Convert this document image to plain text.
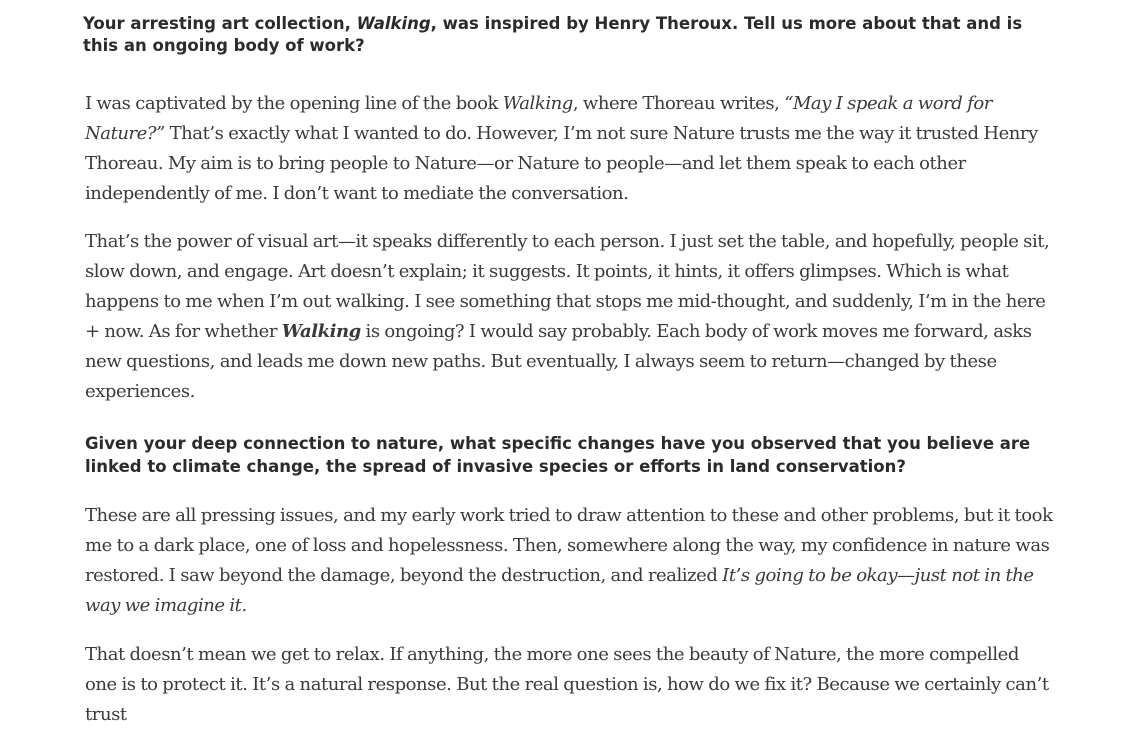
Your arresting art collection, Walking, was inspired by Henry Theroux. Tell us more about that and is this an ongoing body of work?

I was captivated by the opening line of the book Walking, where Thoreau writes, “May I speak a word for Nature?” That’s exactly what I wanted to do. However, I’m not sure Nature trusts me the way it trusted Henry Thoreau. My aim is to bring people to Nature—or Nature to people—and let them speak to each other independently of me. I don’t want to mediate the conversation.

That’s the power of visual art—it speaks differently to each person. I just set the table, and hopefully, people sit, slow down, and engage. Art doesn’t explain; it suggests. It points, it hints, it offers glimpses. Which is what happens to me when I’m out walking. I see something that stops me mid-thought, and suddenly, I’m in the here + now. As for whether Walking is ongoing? I would say probably. Each body of work moves me forward, asks new questions, and leads me down new paths. But eventually, I always seem to return—changed by these experiences.

Given your deep connection to nature, what specific changes have you observed that you believe are linked to climate change, the spread of invasive species or efforts in land conservation?

These are all pressing issues, and my early work tried to draw attention to these and other problems, but it took me to a dark place, one of loss and hopelessness. Then, somewhere along the way, my confidence in nature was restored. I saw beyond the damage, beyond the destruction, and realized It’s going to be okay—just not in the way we imagine it.

That doesn’t mean we get to relax. If anything, the more one sees the beauty of Nature, the more compelled one is to protect it. It’s a natural response. But the real question is, how do we fix it? Because we certainly can’t trust
